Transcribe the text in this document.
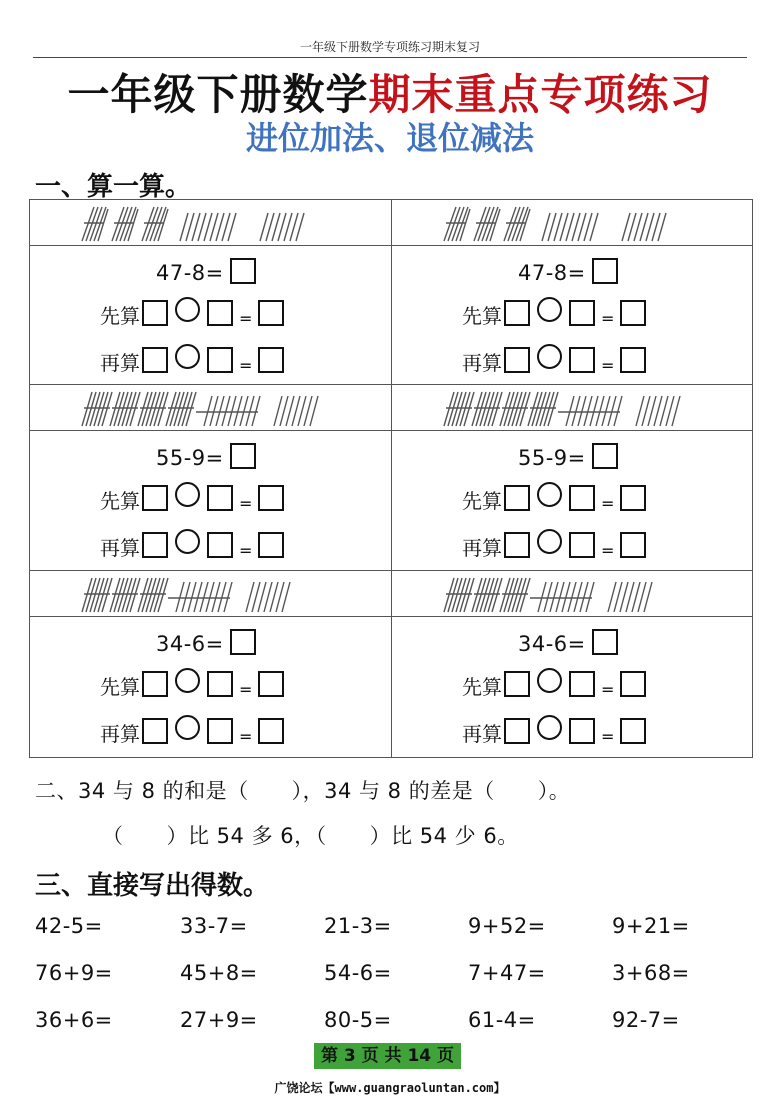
一年级下册数学专项练习期末复习
一年级下册数学期末重点专项练习
进位加法、退位减法
一、算一算。
47-8=
先算	=
再算	=
47-8=
先算	=
再算	=
55-9=
先算	=
再算	=
55-9=
先算	=
再算	=
34-6=
先算	=
再算	=
34-6=
先算	=
再算	=
二、34 与 8 的和是（　　），34 与 8 的差是（　　）。
（　　）比 54 多 6，（　　）比 54 少 6。
三、直接写出得数。
42-5=	33-7=	21-3=	9+52=	9+21=
76+9=	45+8=	54-6=	7+47=	3+68=
36+6=	27+9=	80-5=	61-4=	92-7=
第 3 页 共 14 页
广饶论坛【www.guangraoluntan.com】
